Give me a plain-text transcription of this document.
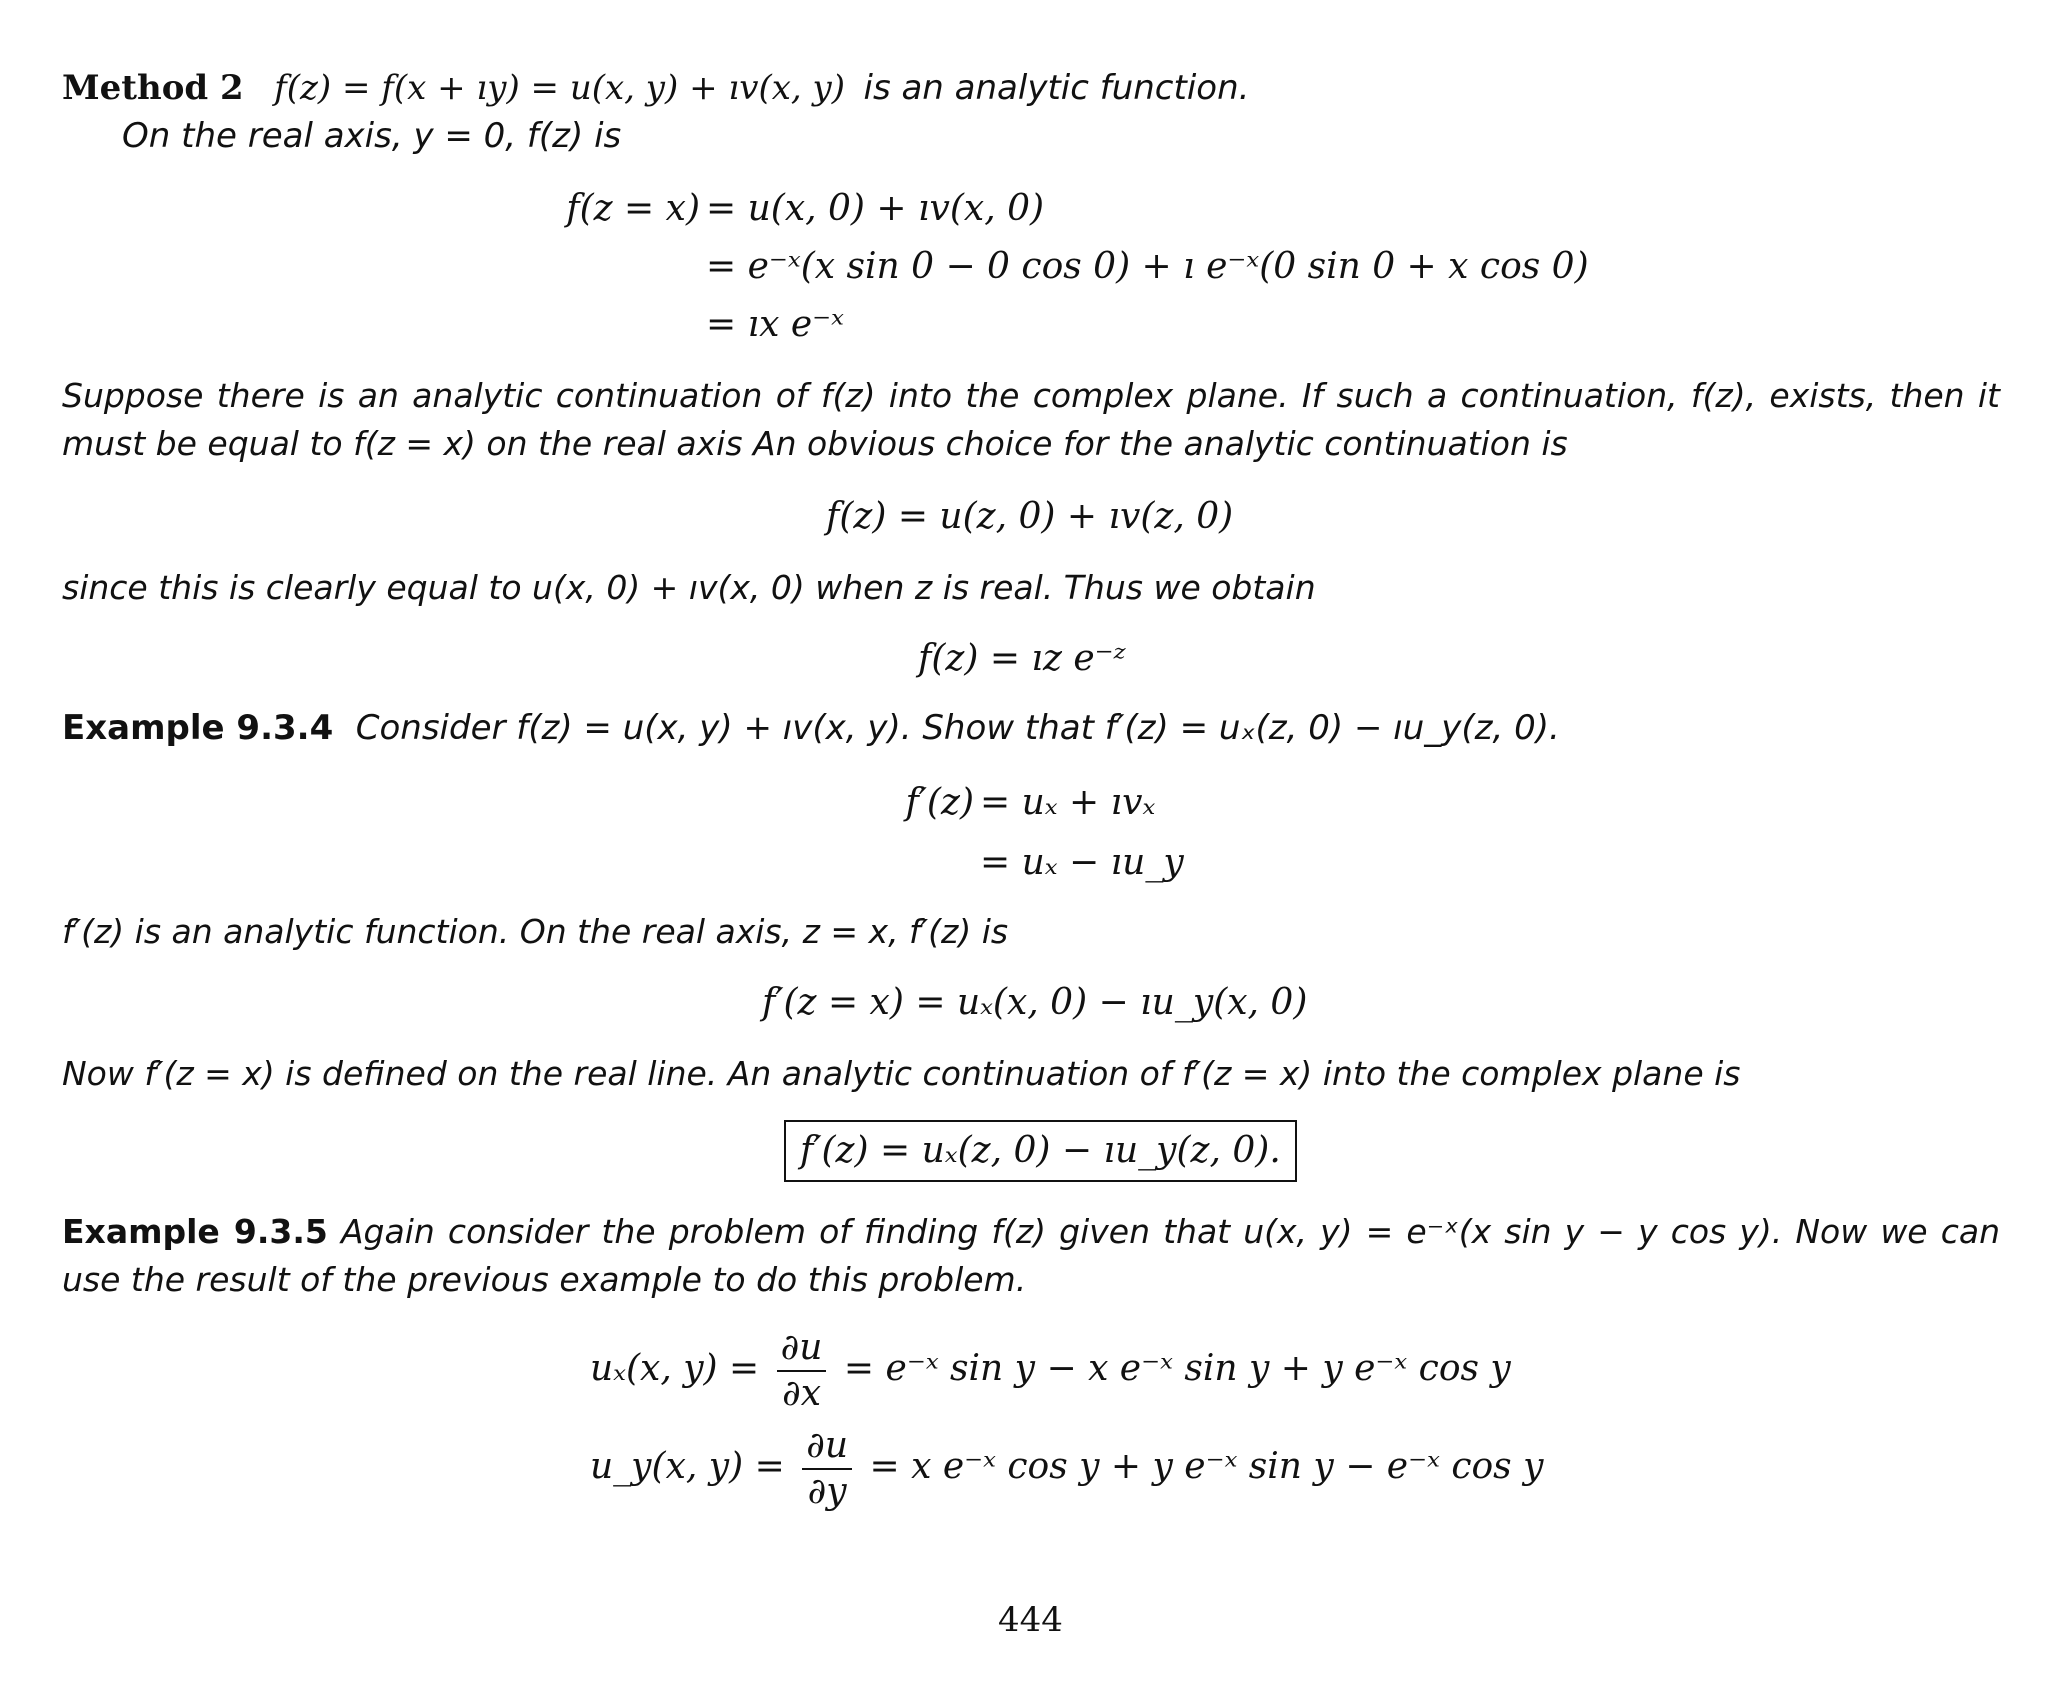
Method 2 f(z) = f(x + ıy) = u(x, y) + ıv(x, y) is an analytic function.
On the real axis, y = 0, f(z) is
f(z = x) = u(x, 0) + ıv(x, 0)
= e⁻ˣ(x sin 0 − 0 cos 0) + ı e⁻ˣ(0 sin 0 + x cos 0)
= ıx e⁻ˣ
Suppose there is an analytic continuation of f(z) into the complex plane. If such a continuation, f(z), exists, then it must be equal to f(z = x) on the real axis An obvious choice for the analytic continuation is
f(z) = u(z, 0) + ıv(z, 0)
since this is clearly equal to u(x, 0) + ıv(x, 0) when z is real. Thus we obtain
f(z) = ız e⁻ᶻ
Example 9.3.4 Consider f(z) = u(x, y) + ıv(x, y). Show that f′(z) = uₓ(z, 0) − ıu_y(z, 0).
f′(z) = uₓ + ıvₓ
= uₓ − ıu_y
f′(z) is an analytic function. On the real axis, z = x, f′(z) is
f′(z = x) = uₓ(x, 0) − ıu_y(x, 0)
Now f′(z = x) is defined on the real line. An analytic continuation of f′(z = x) into the complex plane is
f′(z) = uₓ(z, 0) − ıu_y(z, 0).
Example 9.3.5 Again consider the problem of finding f(z) given that u(x, y) = e⁻ˣ(x sin y − y cos y). Now we can use the result of the previous example to do this problem.
uₓ(x, $y) = \frac{\partial u}{\partial x}$ = e⁻ˣ sin y − x e⁻ˣ sin y + y e⁻ˣ cos y
u_y(x, $y) = \frac{\partial u}{\partial y} = x$ e⁻ˣ cos y + y e⁻ˣ sin y − e⁻ˣ cos y
444
